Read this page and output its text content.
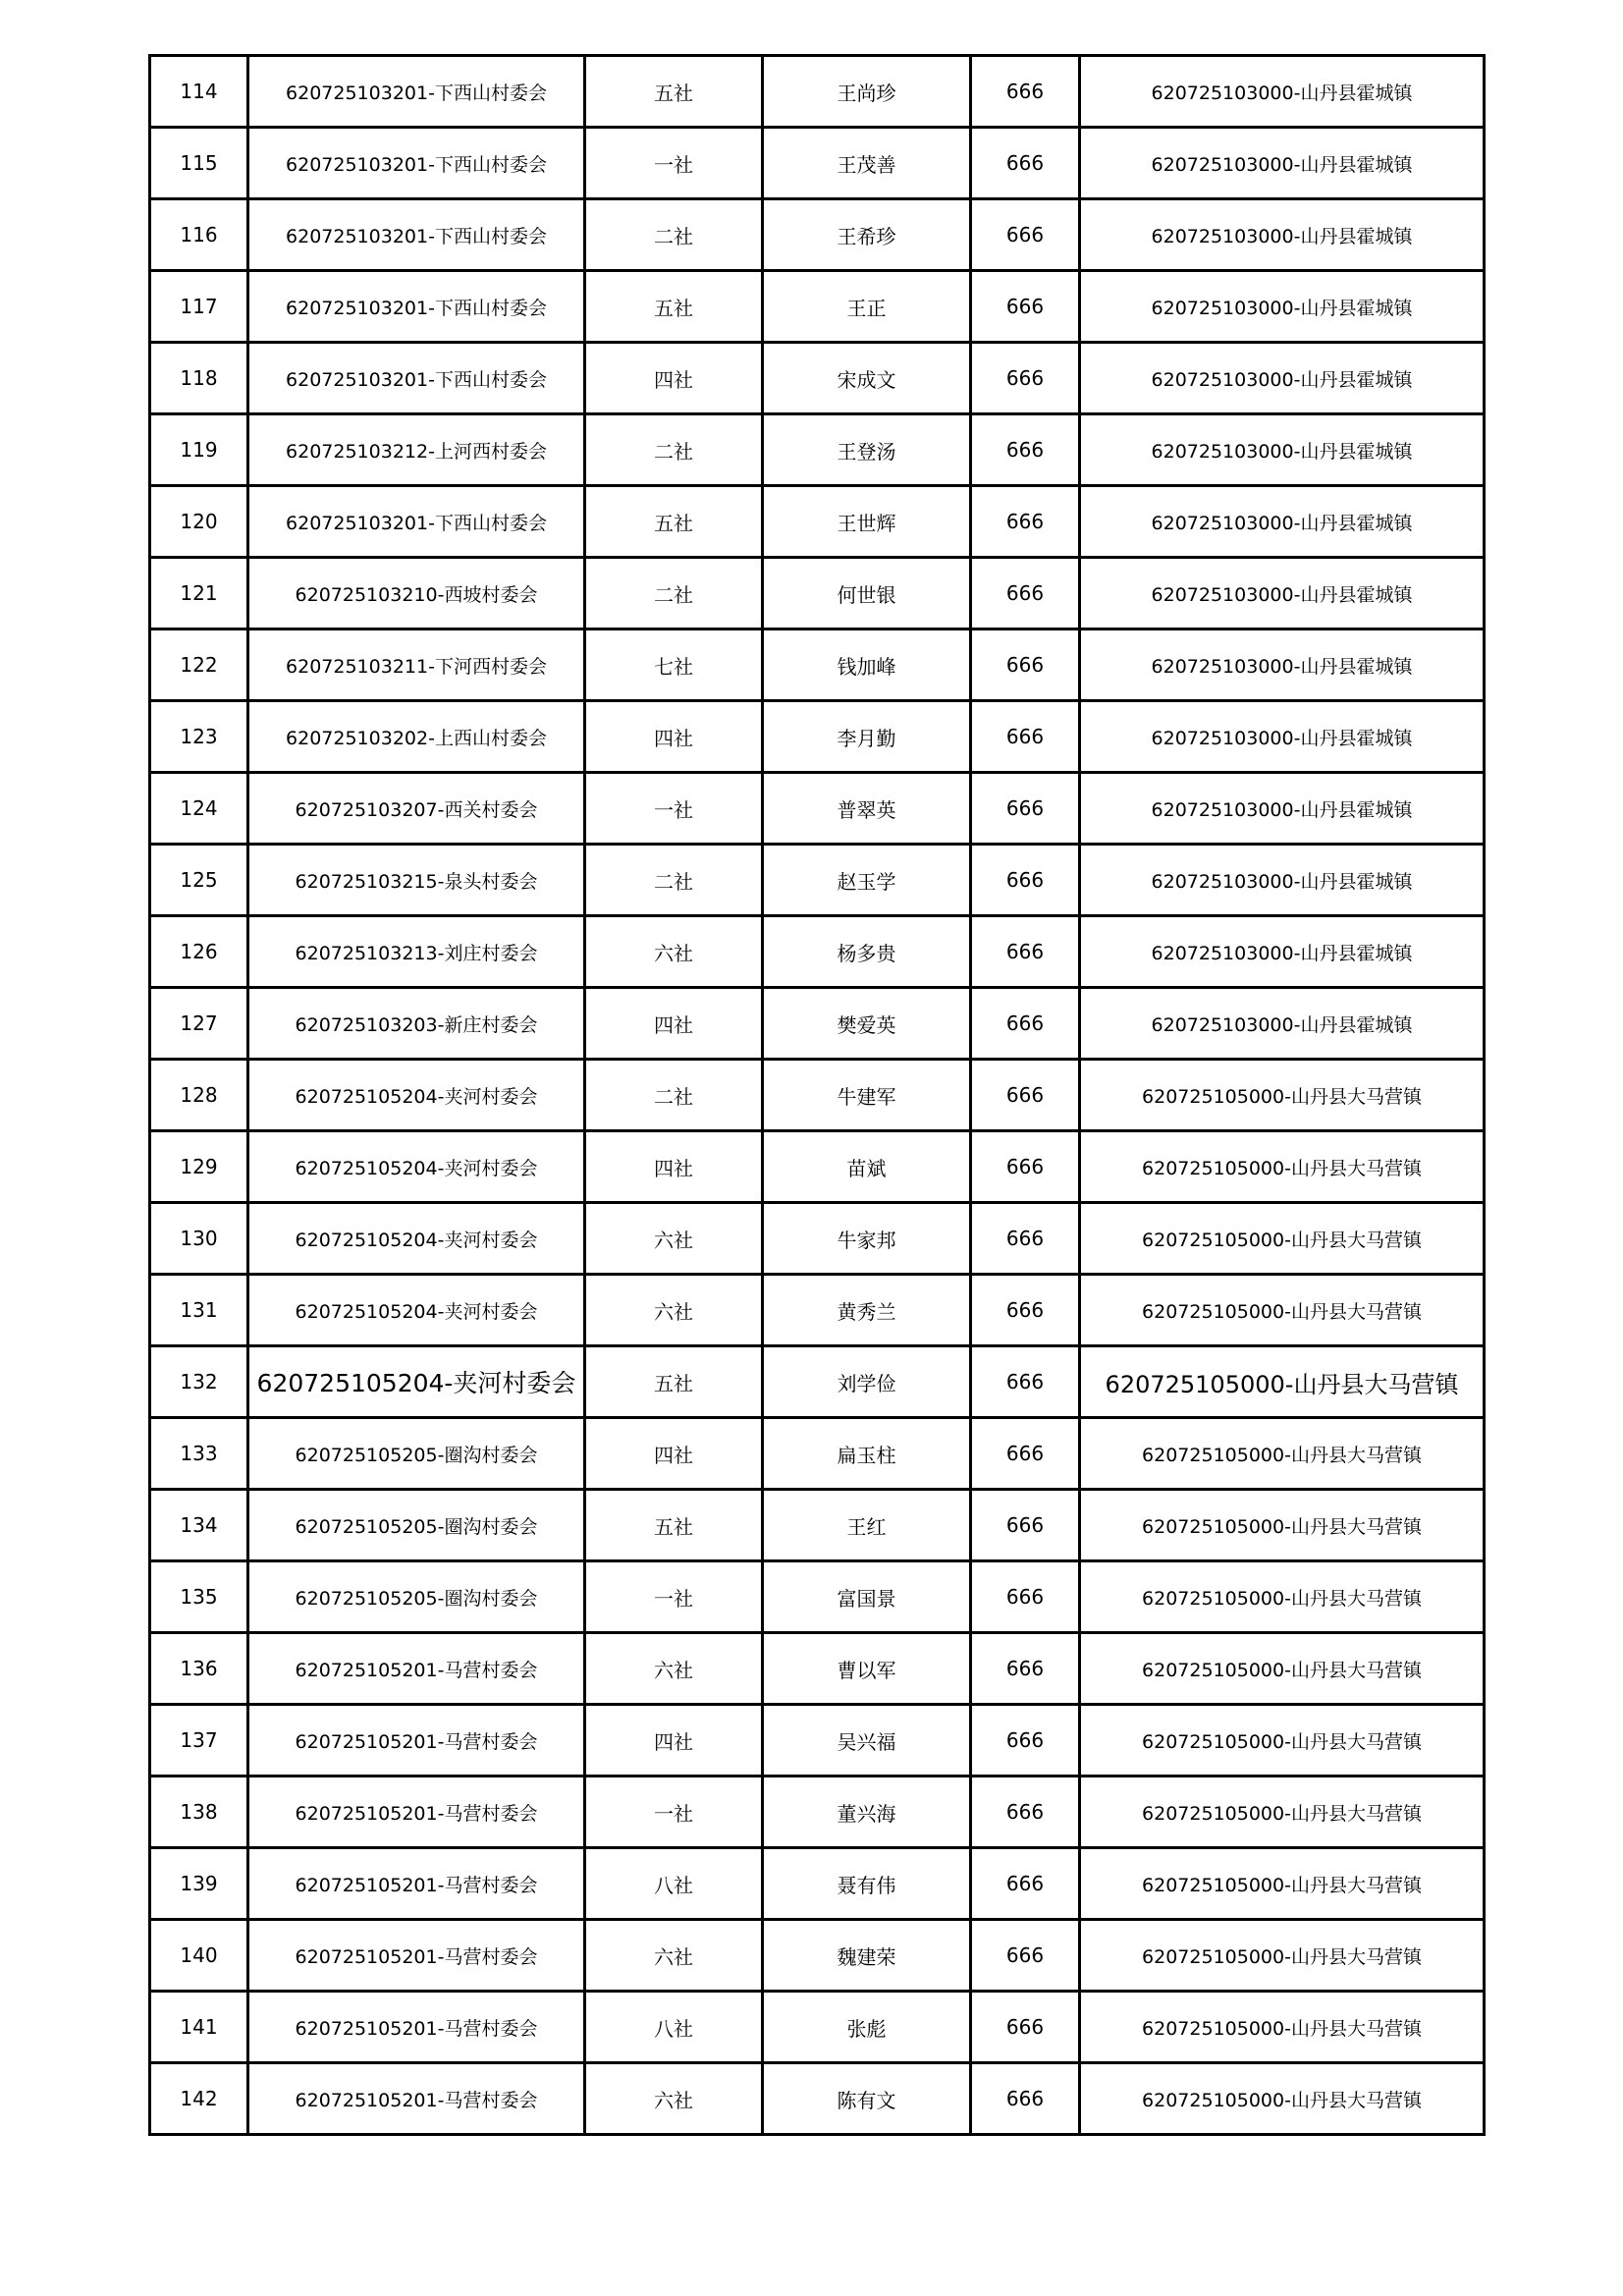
114	620725103201-下西山村委会	五社	王尚珍	666	620725103000-山丹县霍城镇
115	620725103201-下西山村委会	一社	王茂善	666	620725103000-山丹县霍城镇
116	620725103201-下西山村委会	二社	王希珍	666	620725103000-山丹县霍城镇
117	620725103201-下西山村委会	五社	王正	666	620725103000-山丹县霍城镇
118	620725103201-下西山村委会	四社	宋成文	666	620725103000-山丹县霍城镇
119	620725103212-上河西村委会	二社	王登汤	666	620725103000-山丹县霍城镇
120	620725103201-下西山村委会	五社	王世辉	666	620725103000-山丹县霍城镇
121	620725103210-西坡村委会	二社	何世银	666	620725103000-山丹县霍城镇
122	620725103211-下河西村委会	七社	钱加峰	666	620725103000-山丹县霍城镇
123	620725103202-上西山村委会	四社	李月勤	666	620725103000-山丹县霍城镇
124	620725103207-西关村委会	一社	普翠英	666	620725103000-山丹县霍城镇
125	620725103215-泉头村委会	二社	赵玉学	666	620725103000-山丹县霍城镇
126	620725103213-刘庄村委会	六社	杨多贵	666	620725103000-山丹县霍城镇
127	620725103203-新庄村委会	四社	樊爱英	666	620725103000-山丹县霍城镇
128	620725105204-夹河村委会	二社	牛建军	666	620725105000-山丹县大马营镇
129	620725105204-夹河村委会	四社	苗斌	666	620725105000-山丹县大马营镇
130	620725105204-夹河村委会	六社	牛家邦	666	620725105000-山丹县大马营镇
131	620725105204-夹河村委会	六社	黄秀兰	666	620725105000-山丹县大马营镇
132	620725105204-夹河村委会	五社	刘学俭	666	620725105000-山丹县大马营镇
133	620725105205-圈沟村委会	四社	扁玉柱	666	620725105000-山丹县大马营镇
134	620725105205-圈沟村委会	五社	王红	666	620725105000-山丹县大马营镇
135	620725105205-圈沟村委会	一社	富国景	666	620725105000-山丹县大马营镇
136	620725105201-马营村委会	六社	曹以军	666	620725105000-山丹县大马营镇
137	620725105201-马营村委会	四社	吴兴福	666	620725105000-山丹县大马营镇
138	620725105201-马营村委会	一社	董兴海	666	620725105000-山丹县大马营镇
139	620725105201-马营村委会	八社	聂有伟	666	620725105000-山丹县大马营镇
140	620725105201-马营村委会	六社	魏建荣	666	620725105000-山丹县大马营镇
141	620725105201-马营村委会	八社	张彪	666	620725105000-山丹县大马营镇
142	620725105201-马营村委会	六社	陈有文	666	620725105000-山丹县大马营镇
